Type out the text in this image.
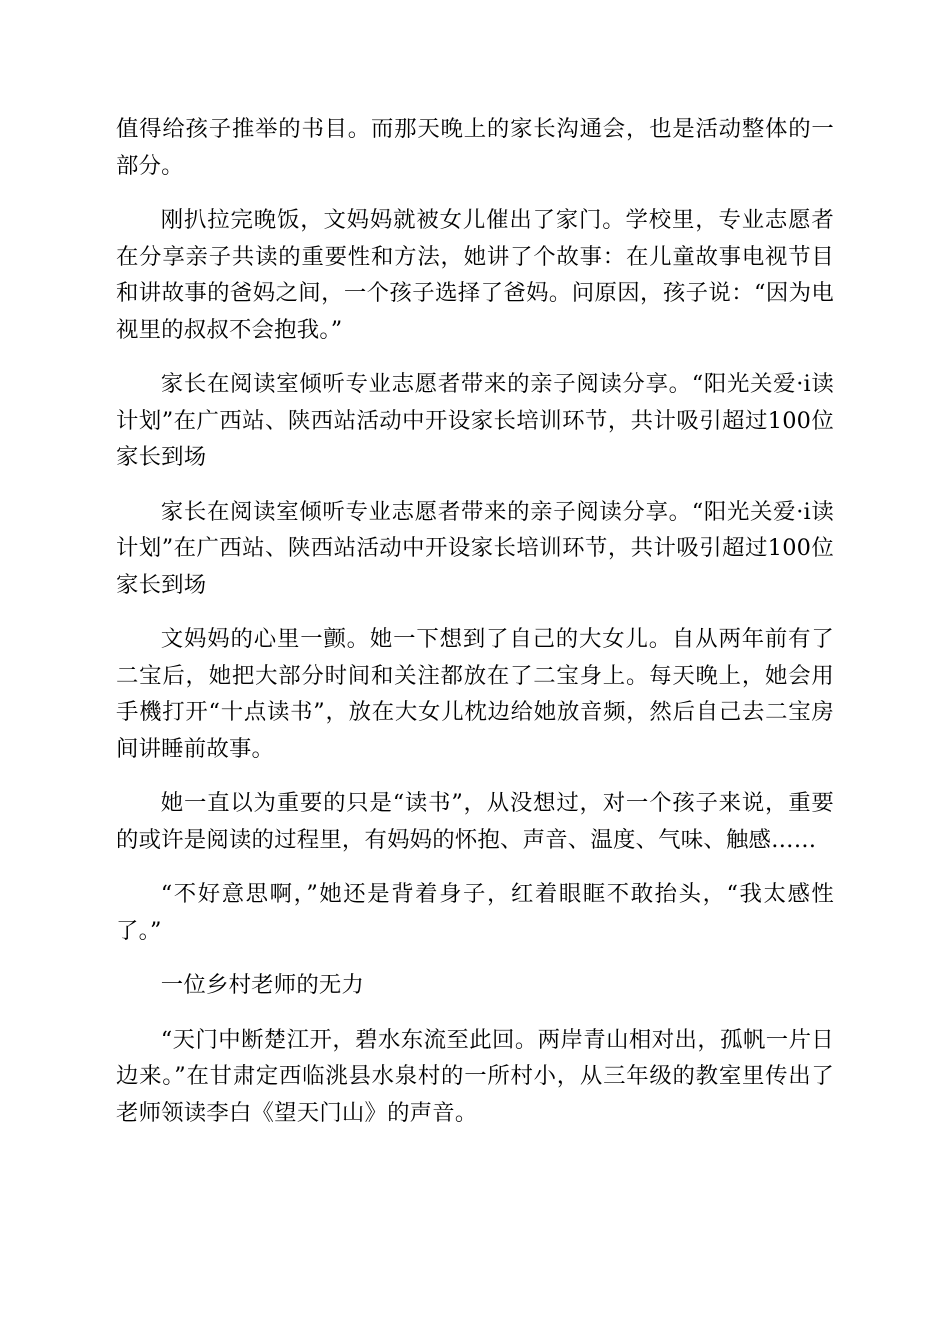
值得给孩子推举的书目。而那天晚上的家长沟通会，也是活动整体的一部分。

刚扒拉完晚饭，文妈妈就被女儿催出了家门。学校里，专业志愿者在分享亲子共读的重要性和方法，她讲了个故事：在儿童故事电视节目和讲故事的爸妈之间，一个孩子选择了爸妈。问原因，孩子说：“因为电视里的叔叔不会抱我。”

家长在阅读室倾听专业志愿者带来的亲子阅读分享。“阳光关爱·i读计划”在广西站、陕西站活动中开设家长培训环节，共计吸引超过100位家长到场

家长在阅读室倾听专业志愿者带来的亲子阅读分享。“阳光关爱·i读计划”在广西站、陕西站活动中开设家长培训环节，共计吸引超过100位家长到场

文妈妈的心里一颤。她一下想到了自己的大女儿。自从两年前有了二宝后，她把大部分时间和关注都放在了二宝身上。每天晚上，她会用手機打开“十点读书”，放在大女儿枕边给她放音频，然后自己去二宝房间讲睡前故事。

她一直以为重要的只是“读书”，从没想过，对一个孩子来说，重要的或许是阅读的过程里，有妈妈的怀抱、声音、温度、气味、触感……

“不好意思啊，”她还是背着身子，红着眼眶不敢抬头，“我太感性了。”

一位乡村老师的无力

“天门中断楚江开，碧水东流至此回。两岸青山相对出，孤帆一片日边来。”在甘肃定西临洮县水泉村的一所村小，从三年级的教室里传出了老师领读李白《望天门山》的声音。
